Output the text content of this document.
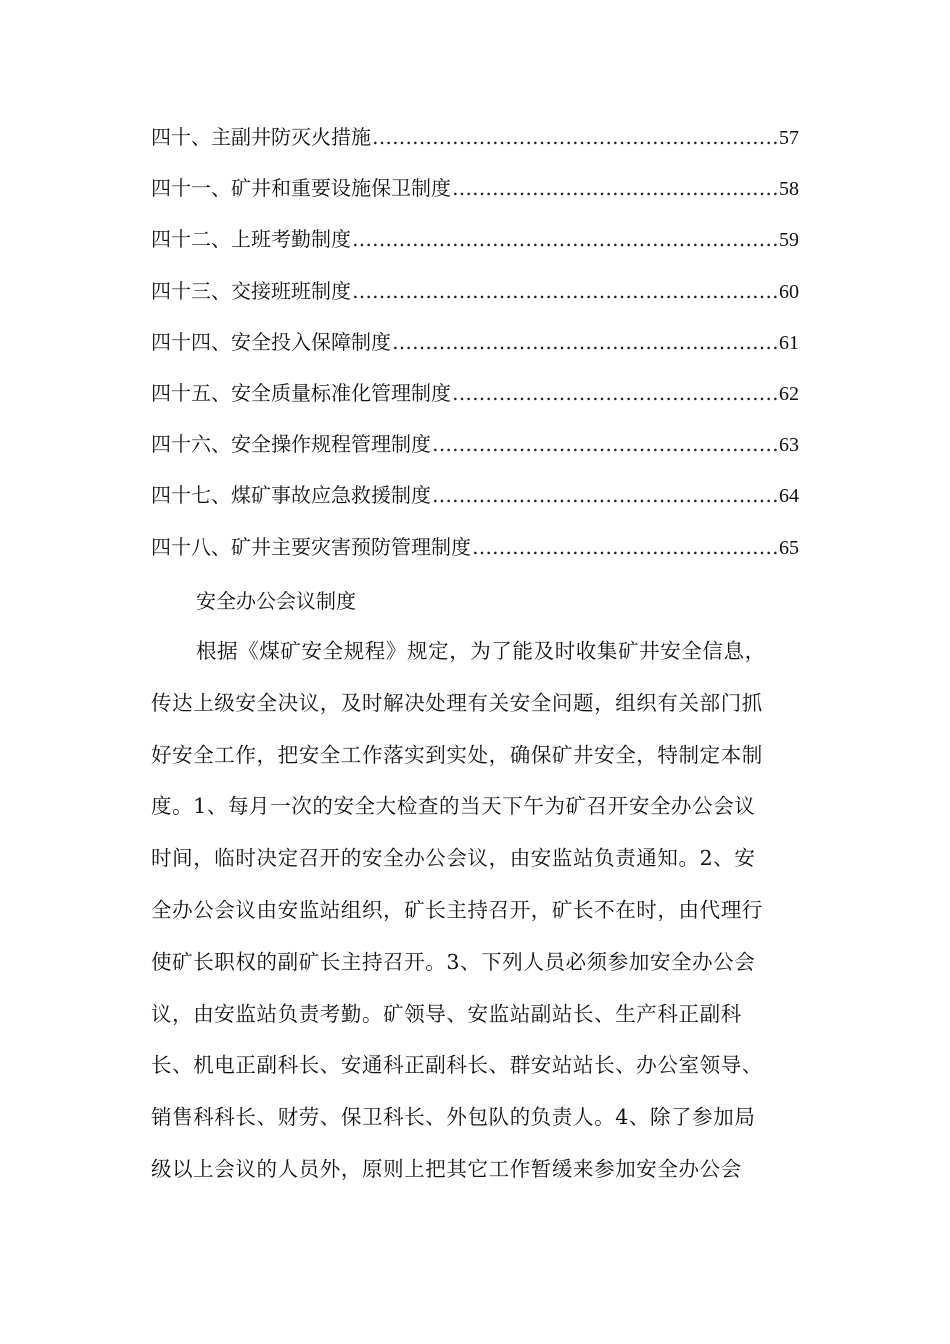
四十、主副井防灭火措施 ……………………………………………………………………………………………………………………………………………………	57
四十一、矿井和重要设施保卫制度 ……………………………………………………………………………………………………………………………………………………	58
四十二、上班考勤制度 ……………………………………………………………………………………………………………………………………………………	59
四十三、交接班班制度 ……………………………………………………………………………………………………………………………………………………	60
四十四、安全投入保障制度 ……………………………………………………………………………………………………………………………………………………	61
四十五、安全质量标准化管理制度 ……………………………………………………………………………………………………………………………………………………	62
四十六、安全操作规程管理制度 ……………………………………………………………………………………………………………………………………………………	63
四十七、煤矿事故应急救援制度 ……………………………………………………………………………………………………………………………………………………	64
四十八、矿井主要灾害预防管理制度 ……………………………………………………………………………………………………………………………………………………	65
安全办公会议制度
根据《煤矿安全规程》规定，为了能及时收集矿井安全信息，
传达上级安全决议，及时解决处理有关安全问题，组织有关部门抓
好安全工作，把安全工作落实到实处，确保矿井安全，特制定本制
度。1、每月一次的安全大检查的当天下午为矿召开安全办公会议
时间，临时决定召开的安全办公会议，由安监站负责通知。2、安
全办公会议由安监站组织，矿长主持召开，矿长不在时，由代理行
使矿长职权的副矿长主持召开。3、下列人员必须参加安全办公会
议，由安监站负责考勤。矿领导、安监站副站长、生产科正副科
长、机电正副科长、安通科正副科长、群安站站长、办公室领导、
销售科科长、财劳、保卫科长、外包队的负责人。4、除了参加局
级以上会议的人员外，原则上把其它工作暂缓来参加安全办公会
